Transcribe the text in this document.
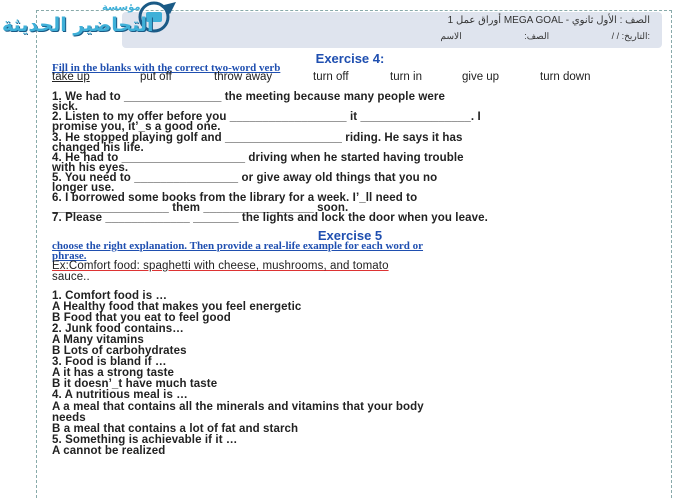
أوراق عمل 1 MEGA GOAL - الصف : الأول ثانوي
التاريخ: / / الصف: الاسم:
مؤسسة
التحاضير الحديثة
Exercise 4:
Fill in the blanks with the correct two-word verb
take up	put off	throw away	turn off	turn in	give up	turn down
1. We had to _______________ the meeting because many people were
sick.
2. Listen to my offer before you __________________ it _________________. I
promise you, it’_s a good one.
3. He stopped playing golf and __________________ riding. He says it has
changed his life.
4. He had to ___________________ driving when he started having trouble
with his eyes.
5. You need to ________________ or give away old things that you no
longer use.
6. I borrowed some books from the library for a week. I’_ll need to
__________________ them _________________ soon.
7. Please _____________ _______ the lights and lock the door when you leave.
Exercise 5
choose the right explanation. Then provide a real-life example for each word or
phrase.
Ex:Comfort food: spaghetti with cheese, mushrooms, and tomato
sauce..
1. Comfort food is …
A Healthy food that makes you feel energetic
B Food that you eat to feel good
2. Junk food contains…
A Many vitamins
B Lots of carbohydrates
3. Food is bland if …
A it has a strong taste
B it doesn’_t have much taste
4. A nutritious meal is …
A a meal that contains all the minerals and vitamins that your body
needs
B a meal that contains a lot of fat and starch
5. Something is achievable if it …
A cannot be realized
